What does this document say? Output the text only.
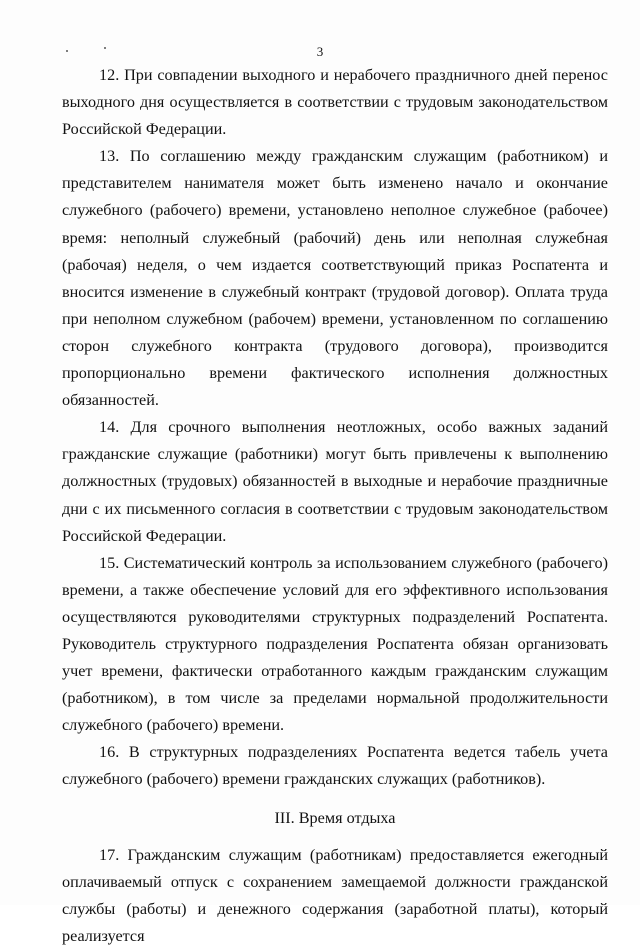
3

12. При совпадении выходного и нерабочего праздничного дней перенос выходного дня осуществляется в соответствии с трудовым законодательством Российской Федерации.

13. По соглашению между гражданским служащим (работником) и представителем нанимателя может быть изменено начало и окончание служебного (рабочего) времени, установлено неполное служебное (рабочее) время: неполный служебный (рабочий) день или неполная служебная (рабочая) неделя, о чем издается соответствующий приказ Роспатента и вносится изменение в служебный контракт (трудовой договор). Оплата труда при неполном служебном (рабочем) времени, установленном по соглашению сторон служебного контракта (трудового договора), производится пропорционально времени фактического исполнения должностных обязанностей.

14. Для срочного выполнения неотложных, особо важных заданий гражданские служащие (работники) могут быть привлечены к выполнению должностных (трудовых) обязанностей в выходные и нерабочие праздничные дни с их письменного согласия в соответствии с трудовым законодательством Российской Федерации.

15. Систематический контроль за использованием служебного (рабочего) времени, а также обеспечение условий для его эффективного использования осуществляются руководителями структурных подразделений Роспатента. Руководитель структурного подразделения Роспатента обязан организовать учет времени, фактически отработанного каждым гражданским служащим (работником), в том числе за пределами нормальной продолжительности служебного (рабочего) времени.

16. В структурных подразделениях Роспатента ведется табель учета служебного (рабочего) времени гражданских служащих (работников).

III. Время отдыха

17. Гражданским служащим (работникам) предоставляется ежегодный оплачиваемый отпуск с сохранением замещаемой должности гражданской службы (работы) и денежного содержания (заработной платы), который реализуется
